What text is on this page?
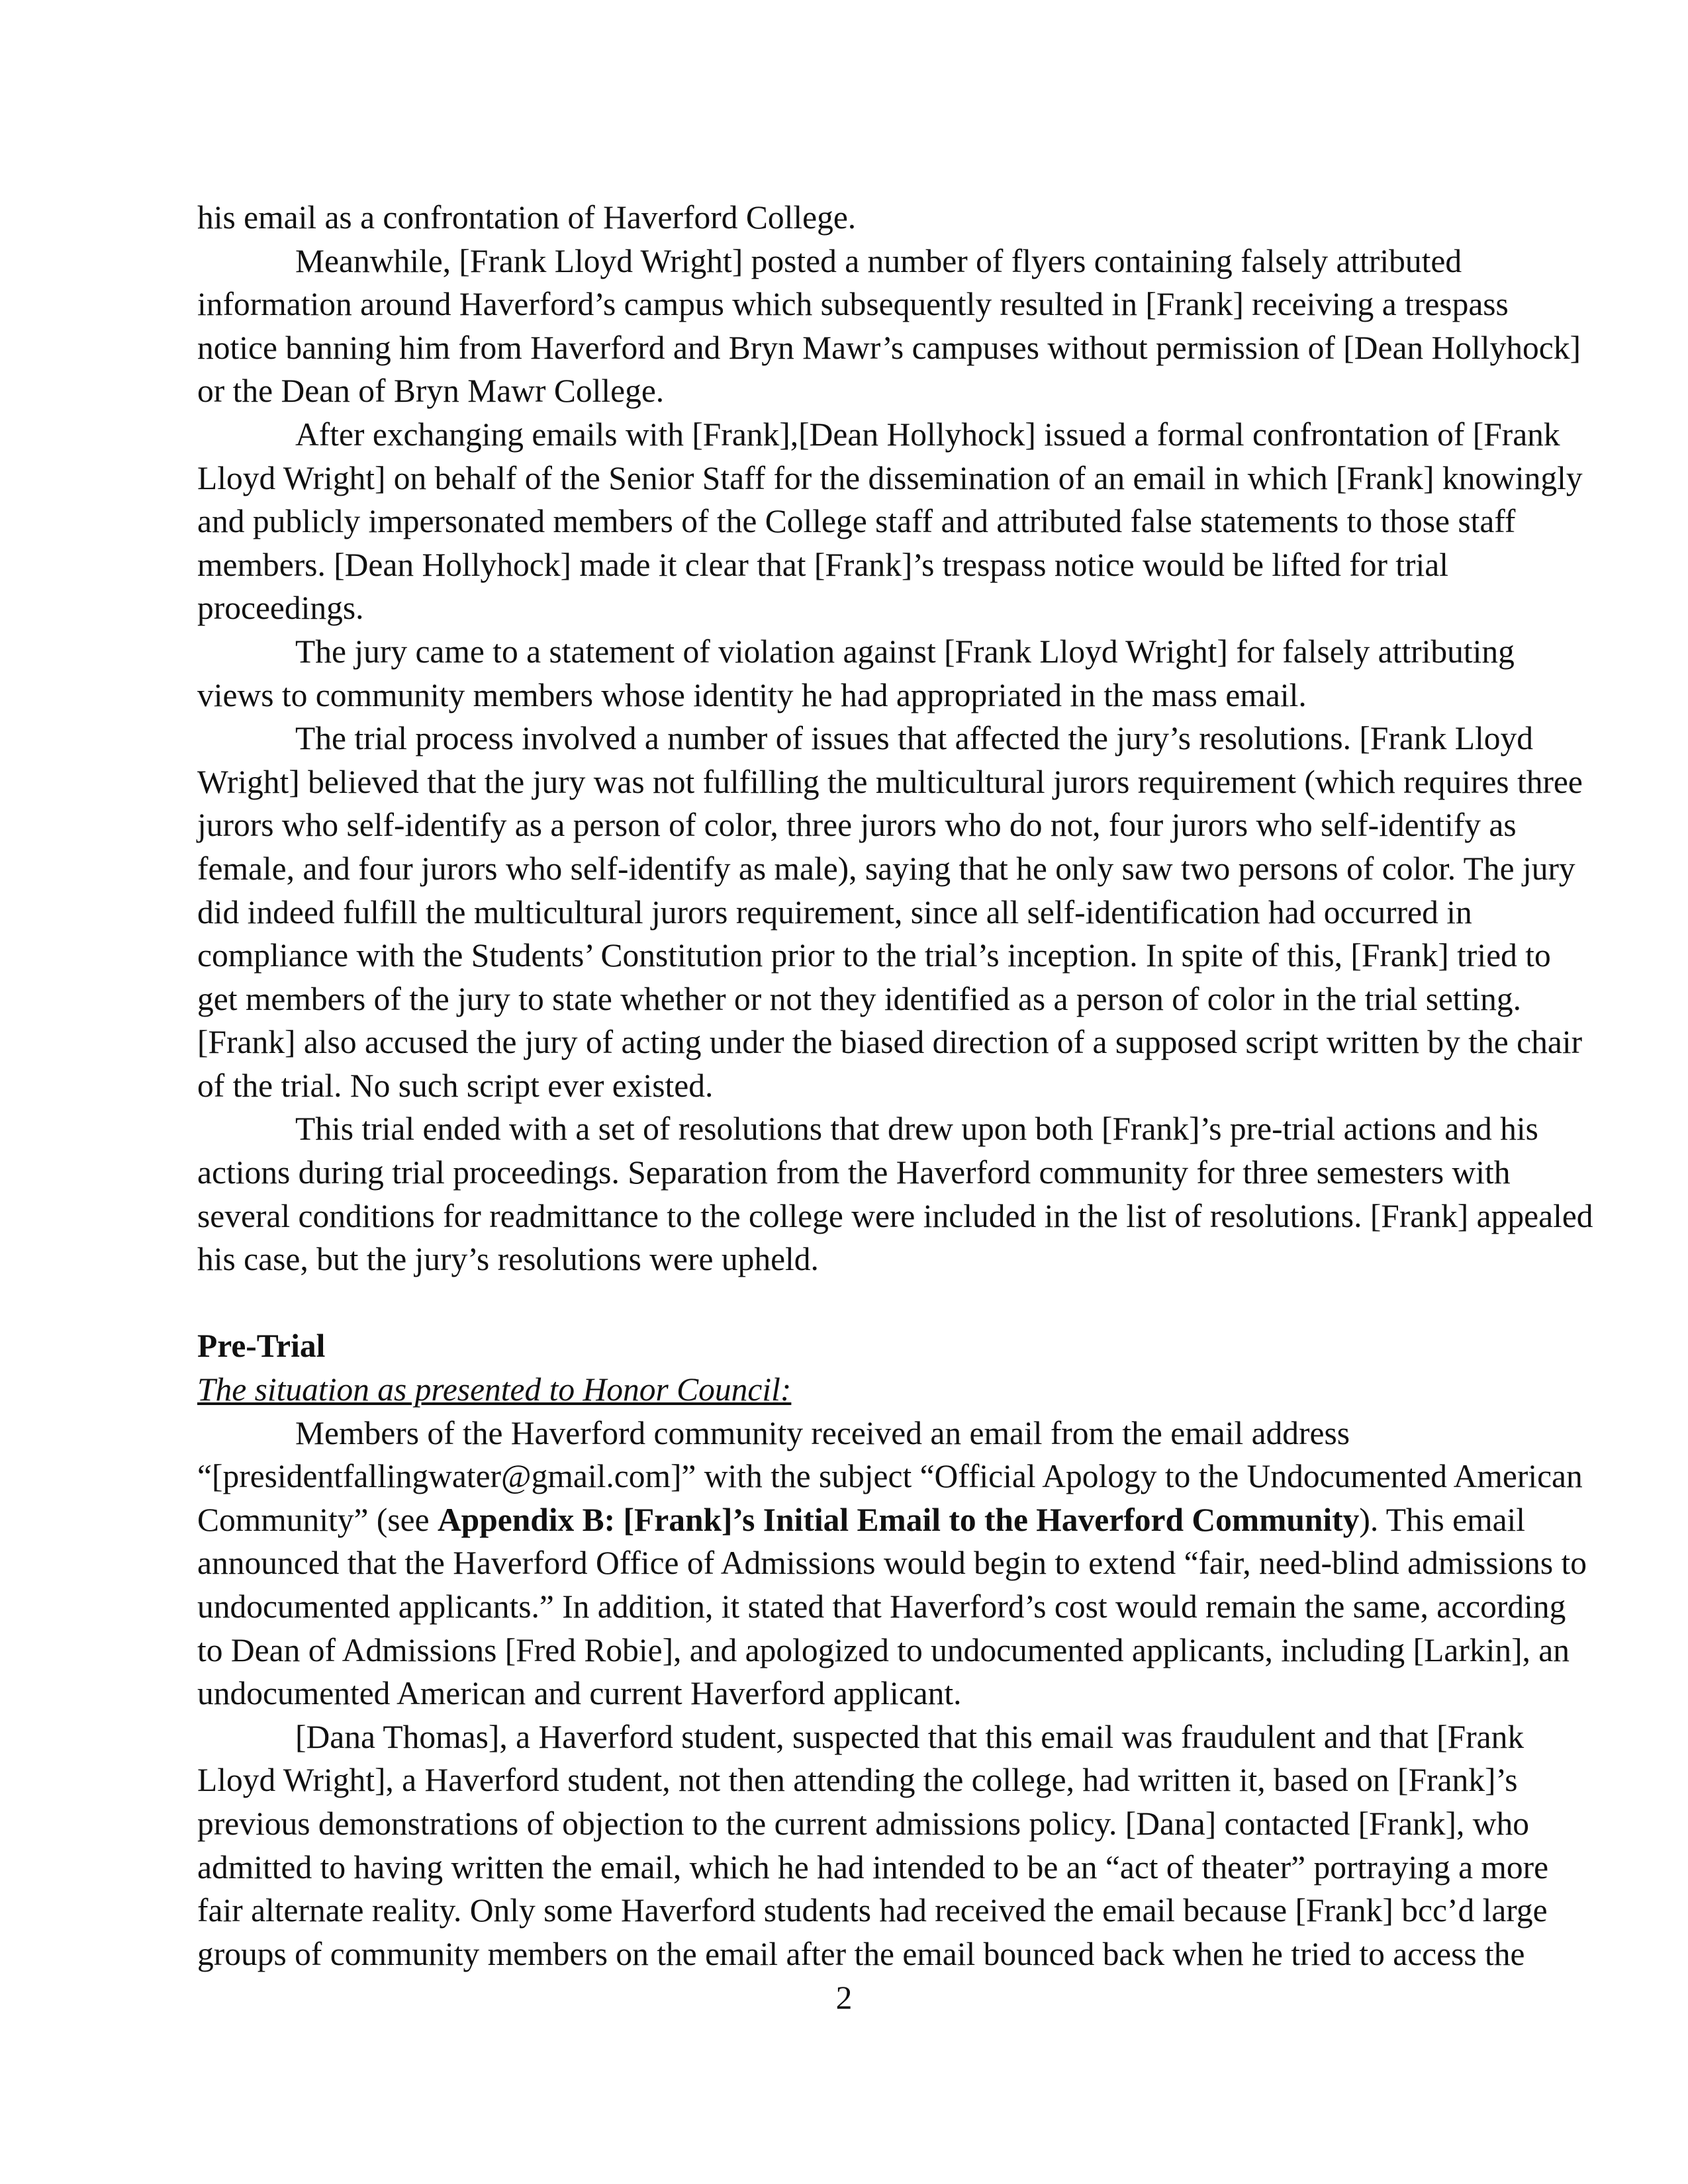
his email as a confrontation of Haverford College.

Meanwhile, [Frank Lloyd Wright] posted a number of flyers containing falsely attributed information around Haverford’s campus which subsequently resulted in [Frank] receiving a trespass notice banning him from Haverford and Bryn Mawr’s campuses without permission of [Dean Hollyhock] or the Dean of Bryn Mawr College.

After exchanging emails with [Frank],[Dean Hollyhock] issued a formal confrontation of [Frank Lloyd Wright] on behalf of the Senior Staff for the dissemination of an email in which [Frank] knowingly and publicly impersonated members of the College staff and attributed false statements to those staff members. [Dean Hollyhock] made it clear that [Frank]’s trespass notice would be lifted for trial proceedings.

The jury came to a statement of violation against [Frank Lloyd Wright] for falsely attributing views to community members whose identity he had appropriated in the mass email.

The trial process involved a number of issues that affected the jury’s resolutions. [Frank Lloyd Wright] believed that the jury was not fulfilling the multicultural jurors requirement (which requires three jurors who self-identify as a person of color, three jurors who do not, four jurors who self-identify as female, and four jurors who self-identify as male), saying that he only saw two persons of color. The jury did indeed fulfill the multicultural jurors requirement, since all self-identification had occurred in compliance with the Students’ Constitution prior to the trial’s inception. In spite of this, [Frank] tried to get members of the jury to state whether or not they identified as a person of color in the trial setting. [Frank] also accused the jury of acting under the biased direction of a supposed script written by the chair of the trial. No such script ever existed.

This trial ended with a set of resolutions that drew upon both [Frank]’s pre-trial actions and his actions during trial proceedings. Separation from the Haverford community for three semesters with several conditions for readmittance to the college were included in the list of resolutions. [Frank] appealed his case, but the jury’s resolutions were upheld.

Pre-Trial

The situation as presented to Honor Council:

Members of the Haverford community received an email from the email address “[presidentfallingwater@gmail.com]” with the subject “Official Apology to the Undocumented American Community” (see Appendix B: [Frank]’s Initial Email to the Haverford Community). This email announced that the Haverford Office of Admissions would begin to extend “fair, need-blind admissions to undocumented applicants.” In addition, it stated that Haverford’s cost would remain the same, according to Dean of Admissions [Fred Robie], and apologized to undocumented applicants, including [Larkin], an undocumented American and current Haverford applicant.

[Dana Thomas], a Haverford student, suspected that this email was fraudulent and that [Frank Lloyd Wright], a Haverford student, not then attending the college, had written it, based on [Frank]’s previous demonstrations of objection to the current admissions policy. [Dana] contacted [Frank], who admitted to having written the email, which he had intended to be an “act of theater” portraying a more fair alternate reality. Only some Haverford students had received the email because [Frank] bcc’d large groups of community members on the email after the email bounced back when he tried to access the

2
